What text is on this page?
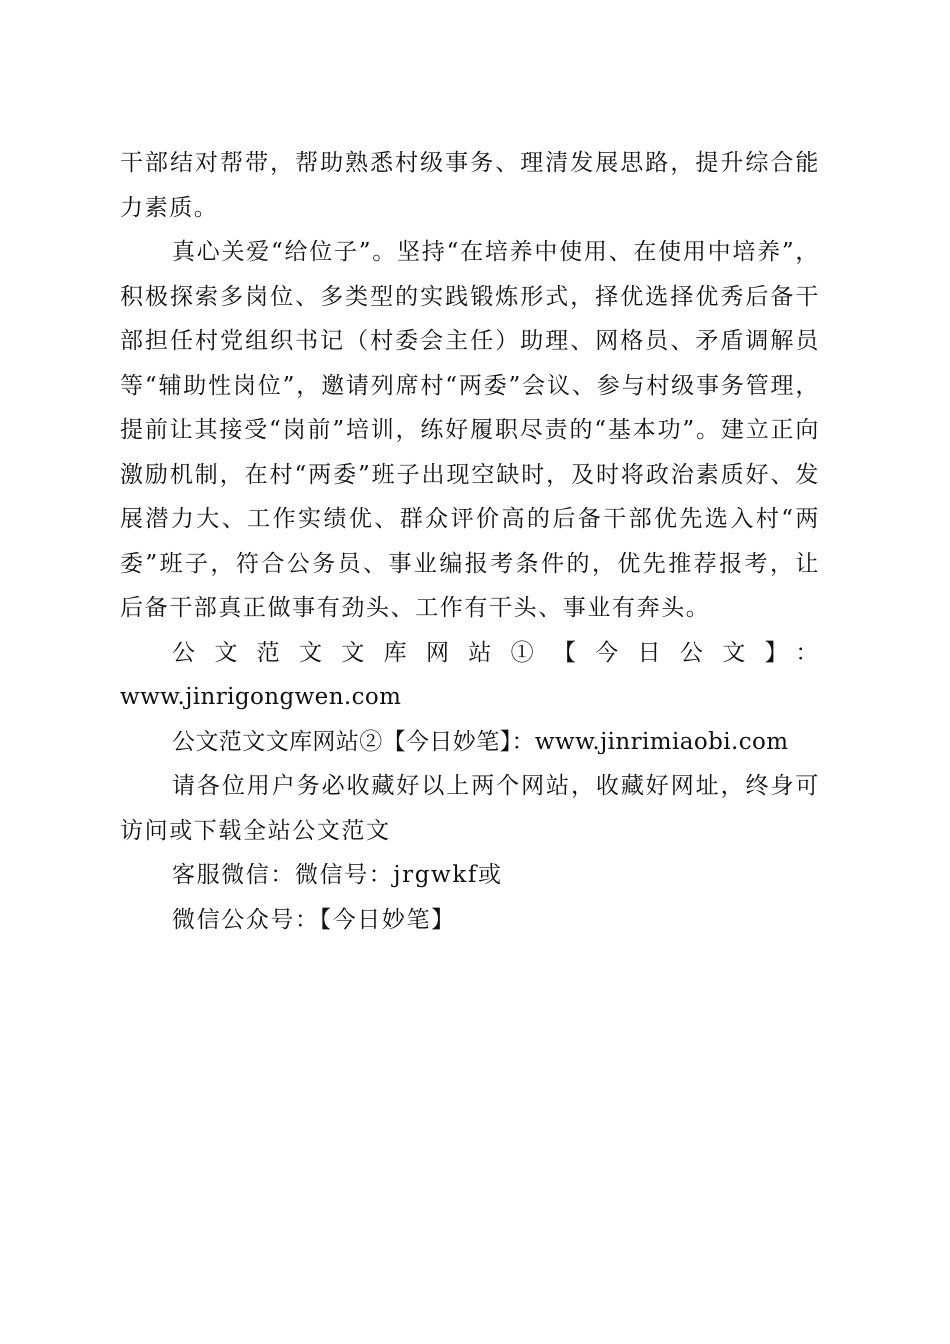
干部结对帮带，帮助熟悉村级事务、理清发展思路，提升综合能力素质。

真心关爱“给位子”。坚持“在培养中使用、在使用中培养”，积极探索多岗位、多类型的实践锻炼形式，择优选择优秀后备干部担任村党组织书记（村委会主任）助理、网格员、矛盾调解员等“辅助性岗位”，邀请列席村“两委”会议、参与村级事务管理，提前让其接受“岗前”培训，练好履职尽责的“基本功”。建立正向激励机制，在村“两委”班子出现空缺时，及时将政治素质好、发展潜力大、工作实绩优、群众评价高的后备干部优先选入村“两委”班子，符合公务员、事业编报考条件的，优先推荐报考，让后备干部真正做事有劲头、工作有干头、事业有奔头。

公文范文文库网站①【今日公文】：

www.jinrigongwen.com

公文范文文库网站②【今日妙笔】：www.jinrimiaobi.com

请各位用户务必收藏好以上两个网站，收藏好网址，终身可访问或下载全站公文范文

客服微信：微信号：jrgwkf或

微信公众号：【今日妙笔】
